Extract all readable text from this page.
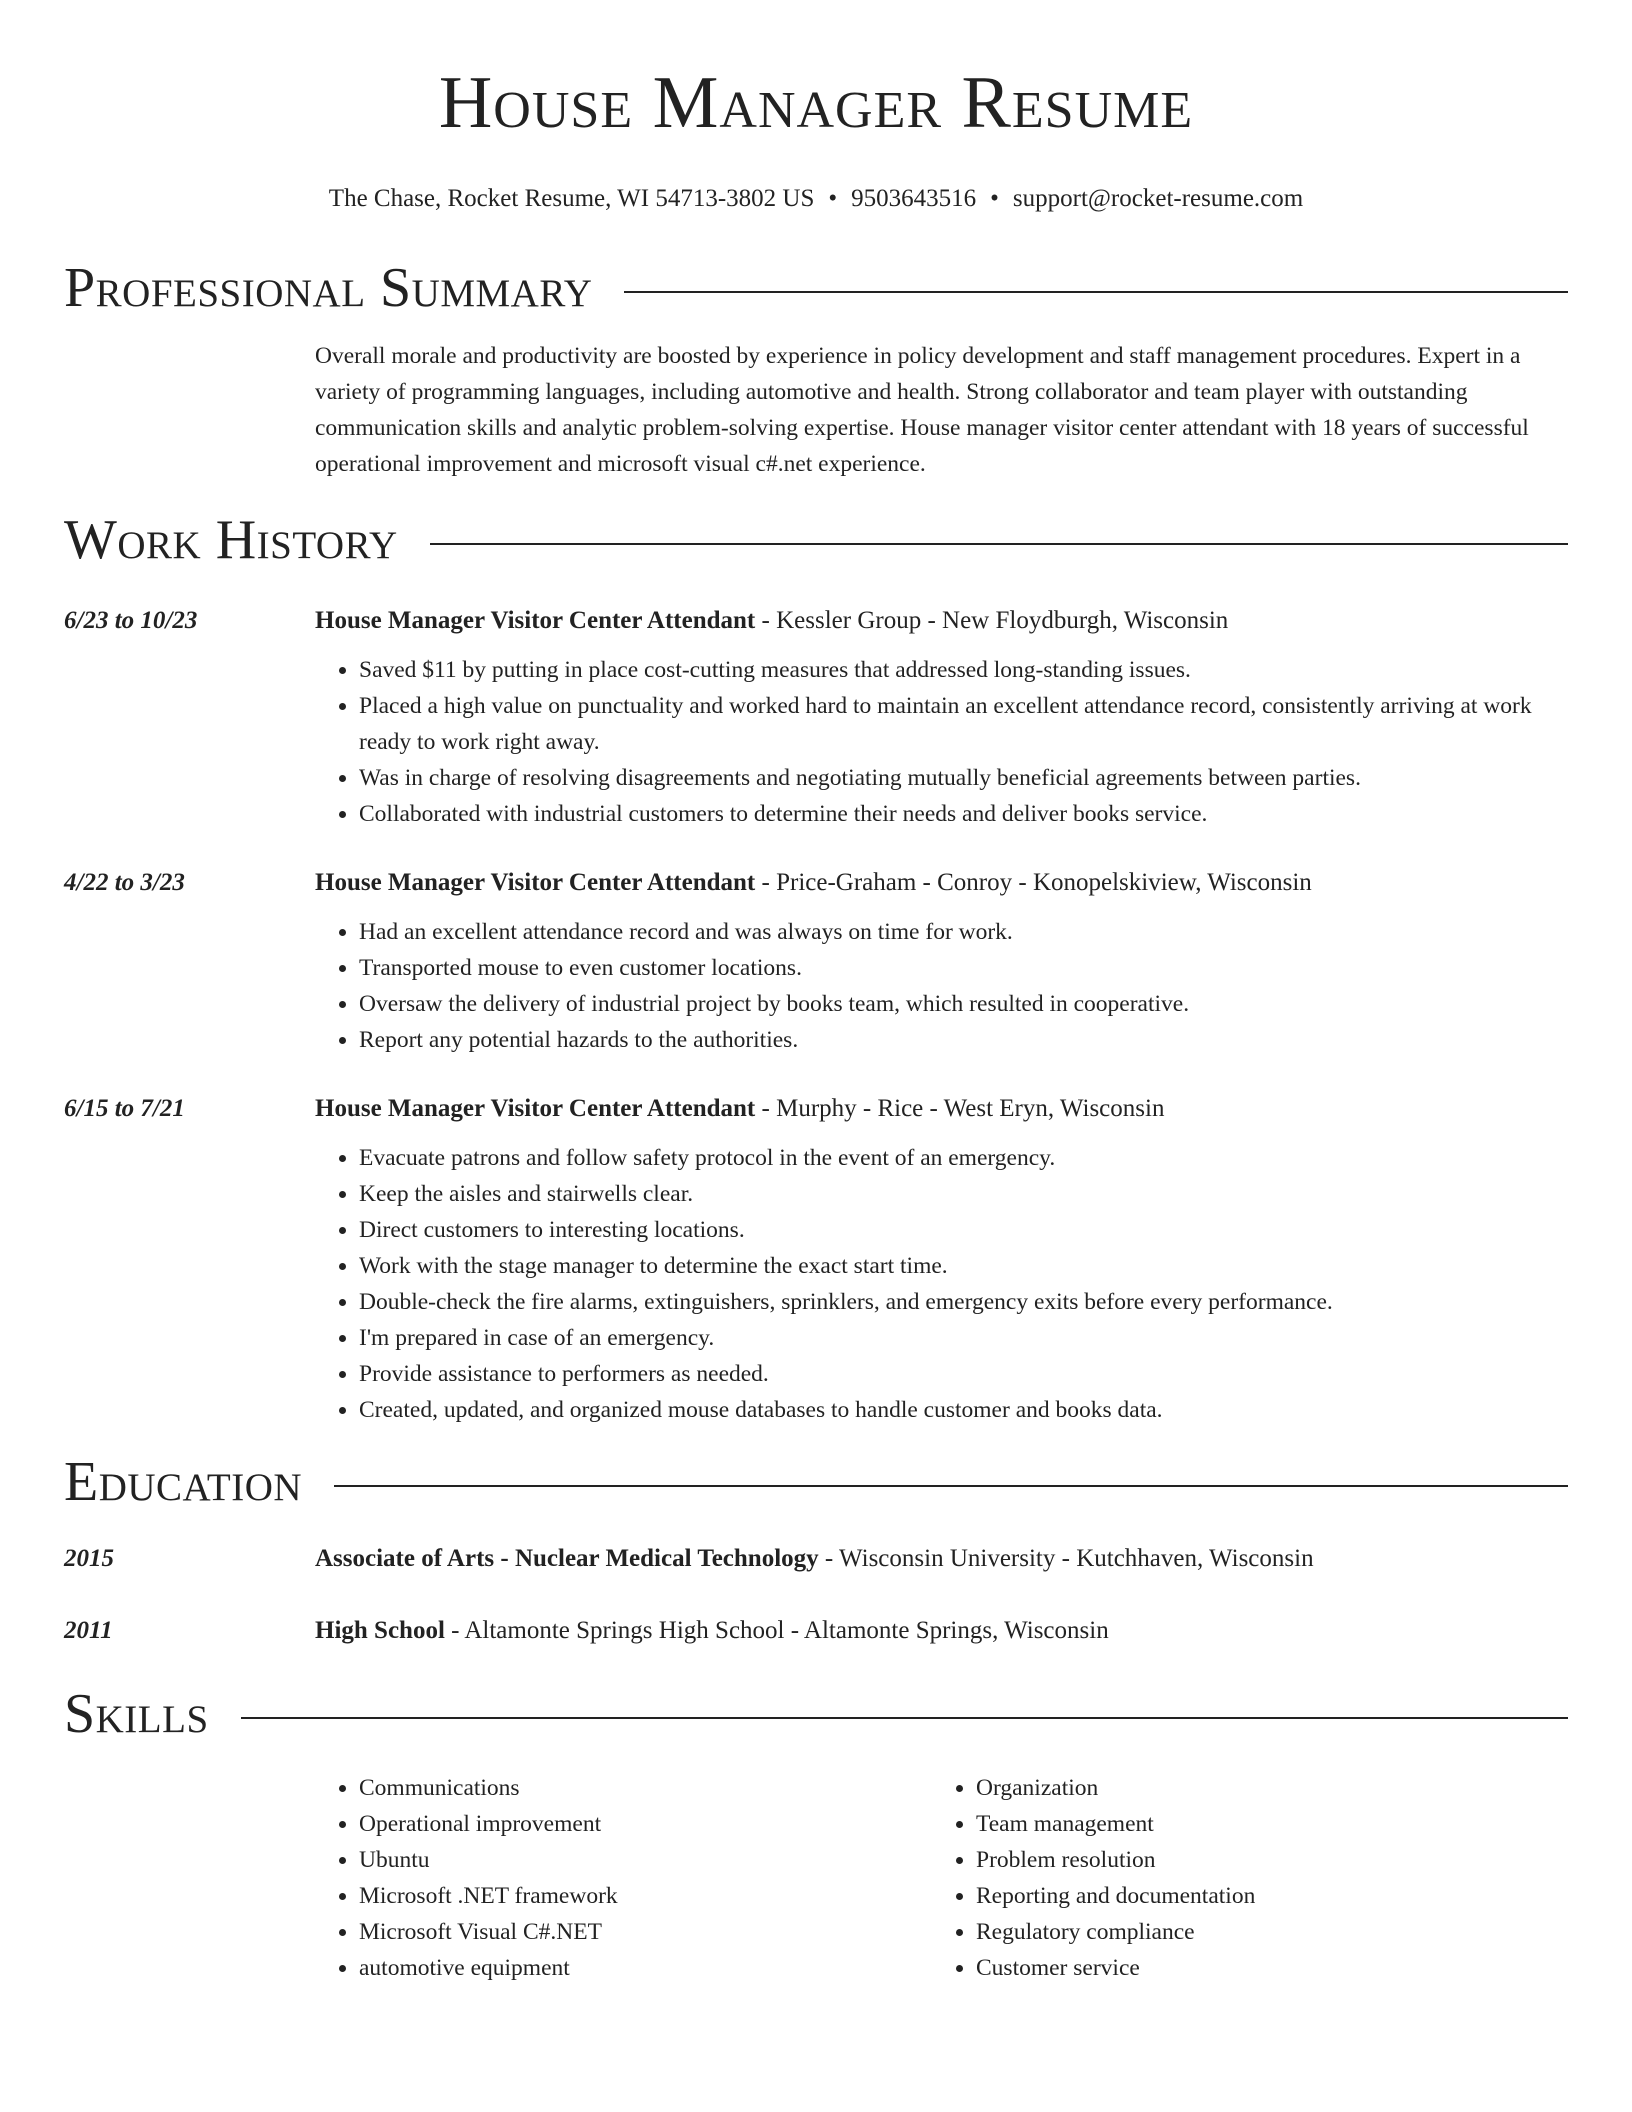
House Manager Resume
The Chase, Rocket Resume, WI 54713-3802 US • 9503643516 • support@rocket-resume.com
Professional Summary
Overall morale and productivity are boosted by experience in policy development and staff management procedures. Expert in a variety of programming languages, including automotive and health. Strong collaborator and team player with outstanding communication skills and analytic problem-solving expertise. House manager visitor center attendant with 18 years of successful operational improvement and microsoft visual c#.net experience.
Work History
6/23 to 10/23	House Manager Visitor Center Attendant - Kessler Group - New Floydburgh, Wisconsin
• Saved $11 by putting in place cost-cutting measures that addressed long-standing issues.
• Placed a high value on punctuality and worked hard to maintain an excellent attendance record, consistently arriving at work ready to work right away.
• Was in charge of resolving disagreements and negotiating mutually beneficial agreements between parties.
• Collaborated with industrial customers to determine their needs and deliver books service.
4/22 to 3/23	House Manager Visitor Center Attendant - Price-Graham - Conroy - Konopelskiview, Wisconsin
• Had an excellent attendance record and was always on time for work.
• Transported mouse to even customer locations.
• Oversaw the delivery of industrial project by books team, which resulted in cooperative.
• Report any potential hazards to the authorities.
6/15 to 7/21	House Manager Visitor Center Attendant - Murphy - Rice - West Eryn, Wisconsin
• Evacuate patrons and follow safety protocol in the event of an emergency.
• Keep the aisles and stairwells clear.
• Direct customers to interesting locations.
• Work with the stage manager to determine the exact start time.
• Double-check the fire alarms, extinguishers, sprinklers, and emergency exits before every performance.
• I'm prepared in case of an emergency.
• Provide assistance to performers as needed.
• Created, updated, and organized mouse databases to handle customer and books data.
Education
2015	Associate of Arts - Nuclear Medical Technology - Wisconsin University - Kutchhaven, Wisconsin
2011	High School - Altamonte Springs High School - Altamonte Springs, Wisconsin
Skills
• Communications
• Operational improvement
• Ubuntu
• Microsoft .NET framework
• Microsoft Visual C#.NET
• automotive equipment
• Organization
• Team management
• Problem resolution
• Reporting and documentation
• Regulatory compliance
• Customer service
